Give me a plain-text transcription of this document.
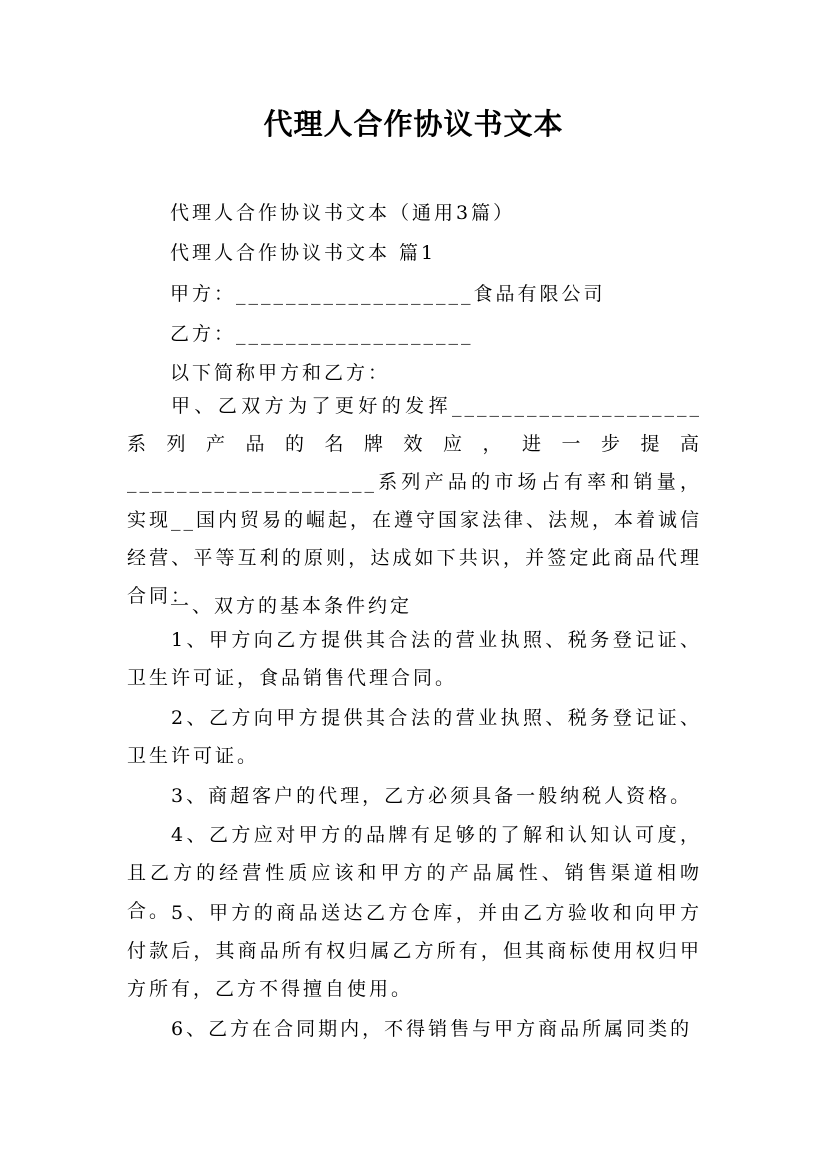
代理人合作协议书文本
代理人合作协议书文本（通用3篇）
代理人合作协议书文本 篇1
甲方：___________________食品有限公司
乙方：___________________
以下简称甲方和乙方：
甲、乙双方为了更好的发挥____________________系列产品的名牌效应，进一步提高____________________系列产品的市场占有率和销量，实现__国内贸易的崛起，在遵守国家法律、法规，本着诚信经营、平等互利的原则，达成如下共识，并签定此商品代理合同：
一、双方的基本条件约定
1、甲方向乙方提供其合法的营业执照、税务登记证、卫生许可证，食品销售代理合同。
2、乙方向甲方提供其合法的营业执照、税务登记证、卫生许可证。
3、商超客户的代理，乙方必须具备一般纳税人资格。
4、乙方应对甲方的品牌有足够的了解和认知认可度，且乙方的经营性质应该和甲方的产品属性、销售渠道相吻合。 5、甲方的商品送达乙方仓库，并由乙方验收和向甲方付款后，其商品所有权归属乙方所有，但其商标使用权归甲方所有，乙方不得擅自使用。
6、乙方在合同期内，不得销售与甲方商品所属同类的
